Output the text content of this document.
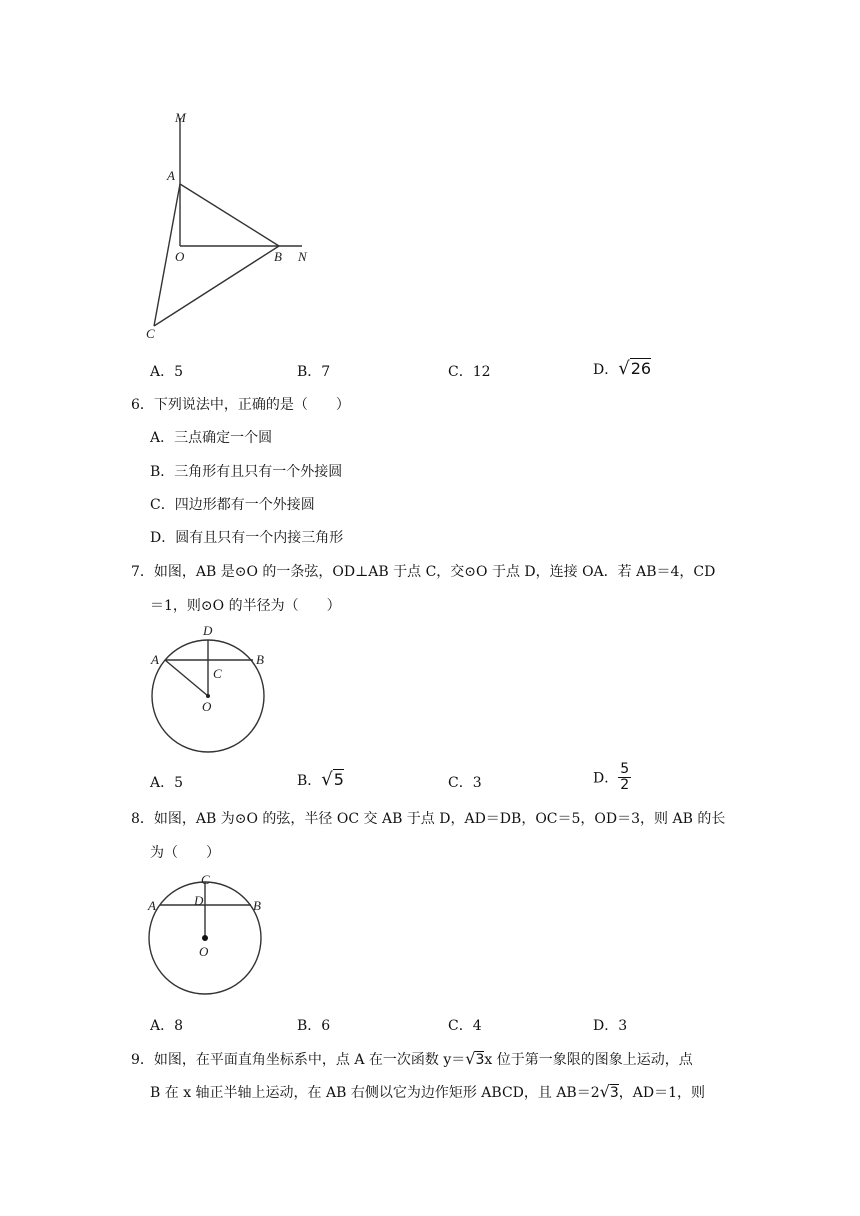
M
A
O	B N
C
A．5	B．7	C．12	D．√26
6．下列说法中，正确的是（　　）
A．三点确定一个圆
B．三角形有且只有一个外接圆
C．四边形都有一个外接圆
D．圆有且只有一个内接三角形
7．如图，AB 是⊙O 的一条弦，OD⊥AB 于点 C，交⊙O 于点 D，连接 OA．若 AB＝4，CD
＝1，则⊙O 的半径为（　　）
D
A	B
C
O
A．5	B．√5	C．3	D． $\frac{5}{2}$
8．如图，AB 为⊙O 的弦，半径 OC 交 AB 于点 D，AD＝DB，OC＝5，OD＝3，则 AB 的长
为（　　）
C
A	D	B
O
A．8	B．6	C．4	D．3
9．如图，在平面直角坐标系中，点 A 在一次函数 y＝√3x 位于第一象限的图象上运动，点
B 在 x 轴正半轴上运动，在 AB 右侧以它为边作矩形 ABCD，且 AB＝2√3，AD＝1，则
